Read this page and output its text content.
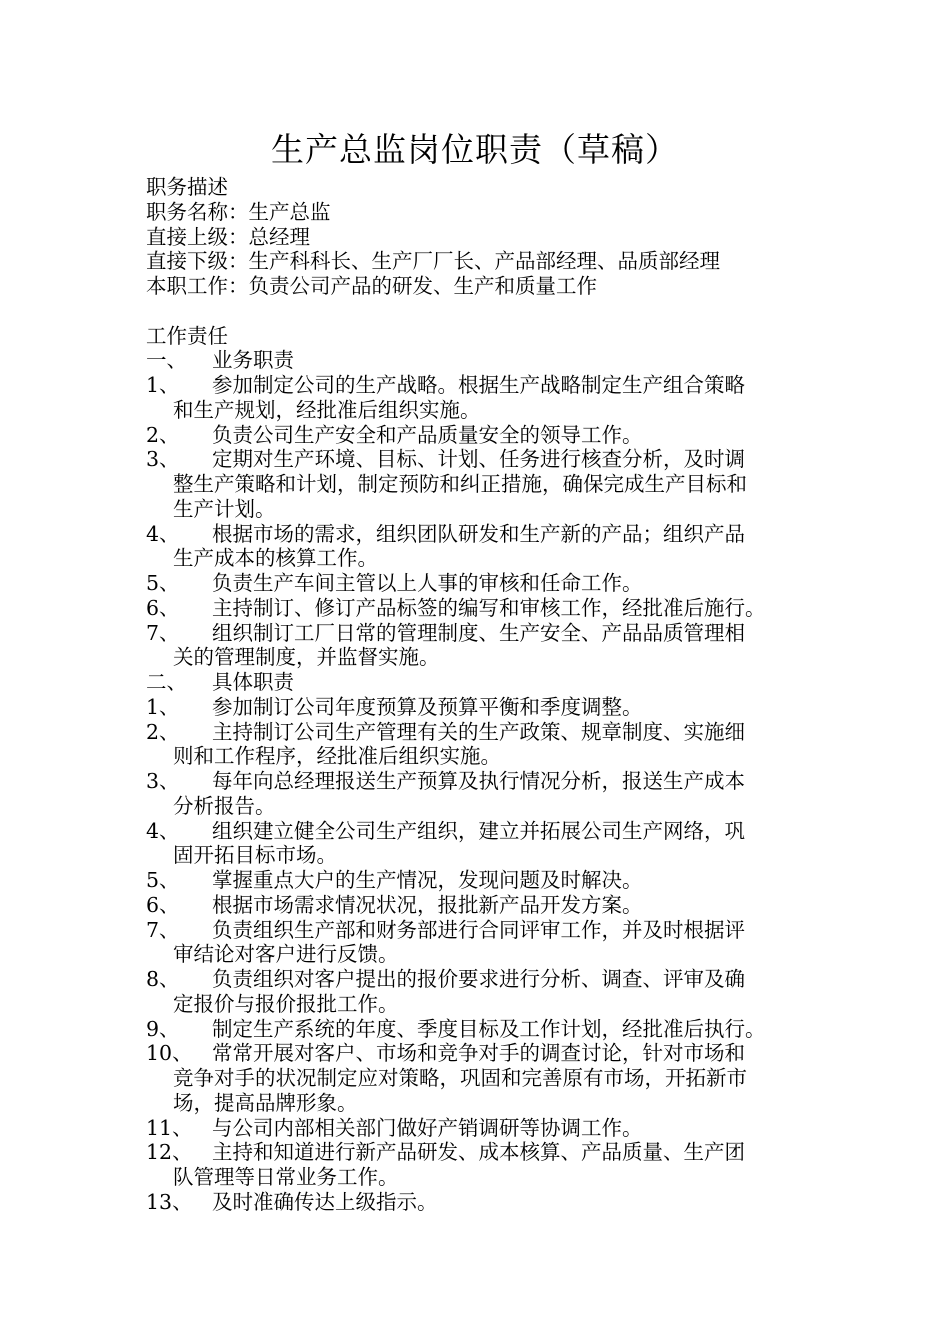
生产总监岗位职责（草稿）
职务描述
职务名称：生产总监
直接上级：总经理
直接下级：生产科科长、生产厂厂长、产品部经理、品质部经理
本职工作：负责公司产品的研发、生产和质量工作
工作责任
一、 业务职责
1、 参加制定公司的生产战略。根据生产战略制定生产组合策略
和生产规划，经批准后组织实施。
2、 负责公司生产安全和产品质量安全的领导工作。
3、 定期对生产环境、目标、计划、任务进行核查分析，及时调
整生产策略和计划，制定预防和纠正措施，确保完成生产目标和
生产计划。
4、 根据市场的需求，组织团队研发和生产新的产品；组织产品
生产成本的核算工作。
5、 负责生产车间主管以上人事的审核和任命工作。
6、 主持制订、修订产品标签的编写和审核工作，经批准后施行。
7、 组织制订工厂日常的管理制度、生产安全、产品品质管理相
关的管理制度，并监督实施。
二、 具体职责
1、 参加制订公司年度预算及预算平衡和季度调整。
2、 主持制订公司生产管理有关的生产政策、规章制度、实施细
则和工作程序，经批准后组织实施。
3、 每年向总经理报送生产预算及执行情况分析，报送生产成本
分析报告。
4、 组织建立健全公司生产组织，建立并拓展公司生产网络，巩
固开拓目标市场。
5、 掌握重点大户的生产情况，发现问题及时解决。
6、 根据市场需求情况状况，报批新产品开发方案。
7、 负责组织生产部和财务部进行合同评审工作，并及时根据评
审结论对客户进行反馈。
8、 负责组织对客户提出的报价要求进行分析、调查、评审及确
定报价与报价报批工作。
9、 制定生产系统的年度、季度目标及工作计划，经批准后执行。
10、 常常开展对客户、市场和竞争对手的调查讨论，针对市场和
竞争对手的状况制定应对策略，巩固和完善原有市场，开拓新市
场，提高品牌形象。
11、 与公司内部相关部门做好产销调研等协调工作。
12、 主持和知道进行新产品研发、成本核算、产品质量、生产团
队管理等日常业务工作。
13、 及时准确传达上级指示。
